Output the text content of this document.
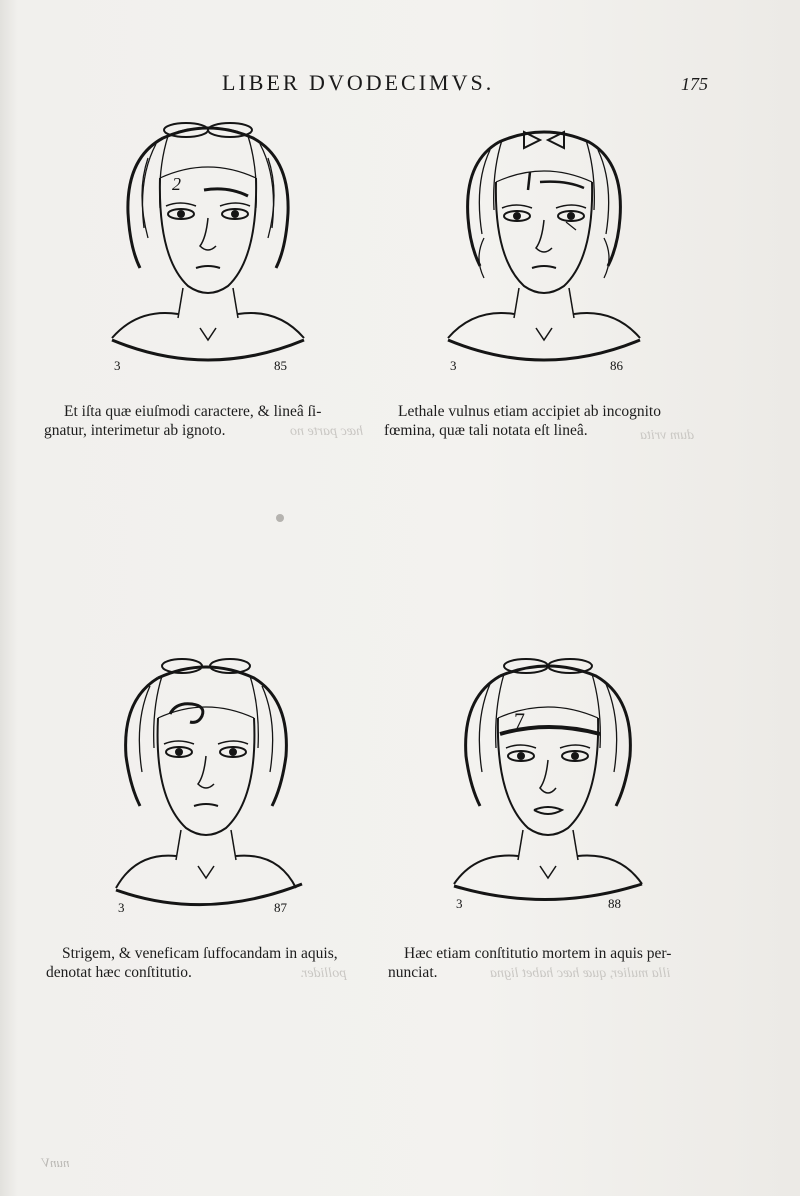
LIBER DVODECIMVS.	175
hæc parte no	dum vrita
pollider.	illa mulier, quæ hæc habet ligna
2
3	85	3	86

Et iſta quæ eiuſmodi caractere, & lineâ ſi-

gnatur, interimetur ab ignoto.

Lethale vulnus etiam accipiet ab incognito

fœmina, quæ tali notata eſt lineâ.

3	87
7
3	88

Strigem, & veneficam ſuffocandam in aquis,

denotat hæc conſtitutio.

Hæc etiam conſtitutio mortem in aquis per-

nunciat.

nunV
